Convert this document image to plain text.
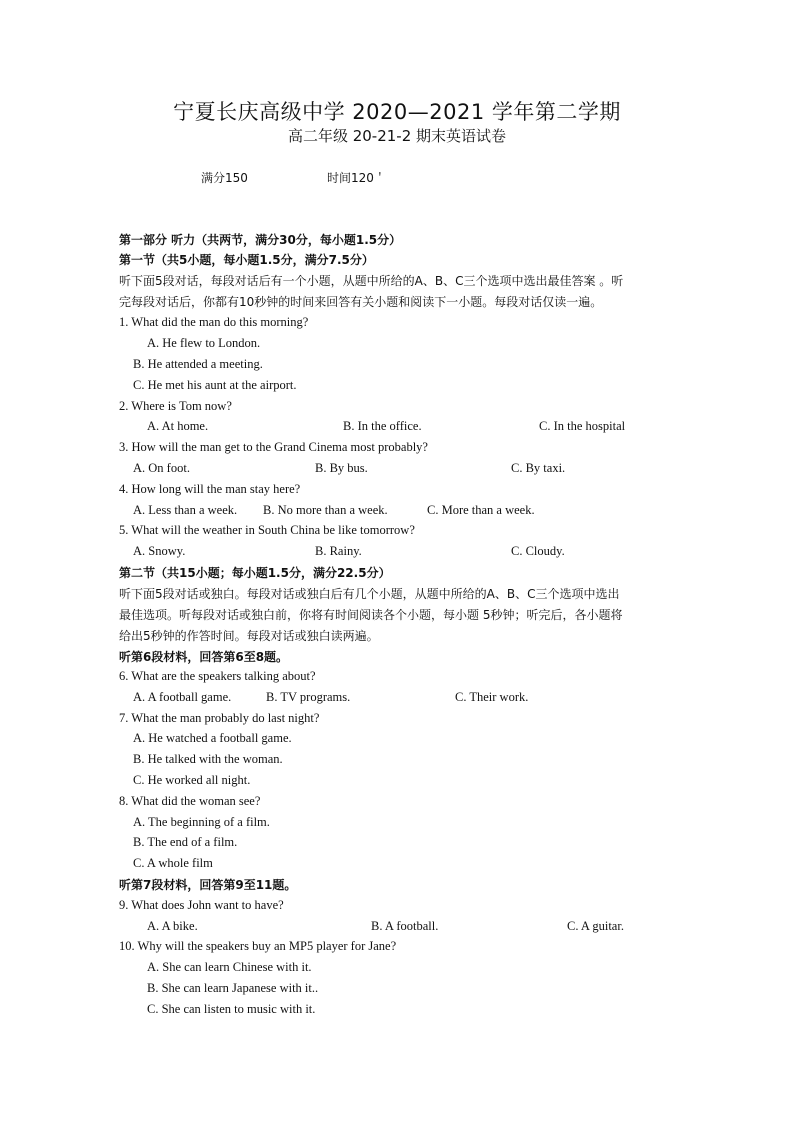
宁夏长庆高级中学 2020—2021 学年第二学期
高二年级 20-21-2 期末英语试卷
满分150	时间120＇
第一部分 听力（共两节，满分30分，每小题1.5分）
第一节（共5小题，每小题1.5分，满分7.5分）
听下面5段对话，每段对话后有一个小题，从题中所给的A、B、C三个选项中选出最佳答案 。听
完每段对话后，你都有10秒钟的时间来回答有关小题和阅读下一小题。每段对话仅读一遍。
1. What did the man do this morning?
A. He flew to London.
B. He attended a meeting.
C. He met his aunt at the airport.
2. Where is Tom now?
A. At home.	B. In the office.	C. In the hospital
3. How will the man get to the Grand Cinema most probably?
A. On foot.	B. By bus.	C. By taxi.
4. How long will the man stay here?
A. Less than a week. B. No more than a week.	C. More than a week.
5. What will the weather in South China be like tomorrow?
A. Snowy.	B. Rainy.	C. Cloudy.
第二节（共15小题；每小题1.5分，满分22.5分）
听下面5段对话或独白。每段对话或独白后有几个小题，从题中所给的A、B、C三个选项中选出
最佳选项。听每段对话或独白前，你将有时间阅读各个小题，每小题 5秒钟；听完后，各小题将
给出5秒钟的作答时间。每段对话或独白读两遍。
听第6段材料，回答第6至8题。
6. What are the speakers talking about?
A. A football game.	B. TV programs.	C. Their work.
7. What the man probably do last night?
A. He watched a football game.
B. He talked with the woman.
C. He worked all night.
8. What did the woman see?
A. The beginning of a film.
B. The end of a film.
C. A whole film
听第7段材料，回答第9至11题。
9. What does John want to have?
A. A bike.	B. A football.	C. A guitar.
10. Why will the speakers buy an MP5 player for Jane?
A. She can learn Chinese with it.
B. She can learn Japanese with it..
C. She can listen to music with it.
